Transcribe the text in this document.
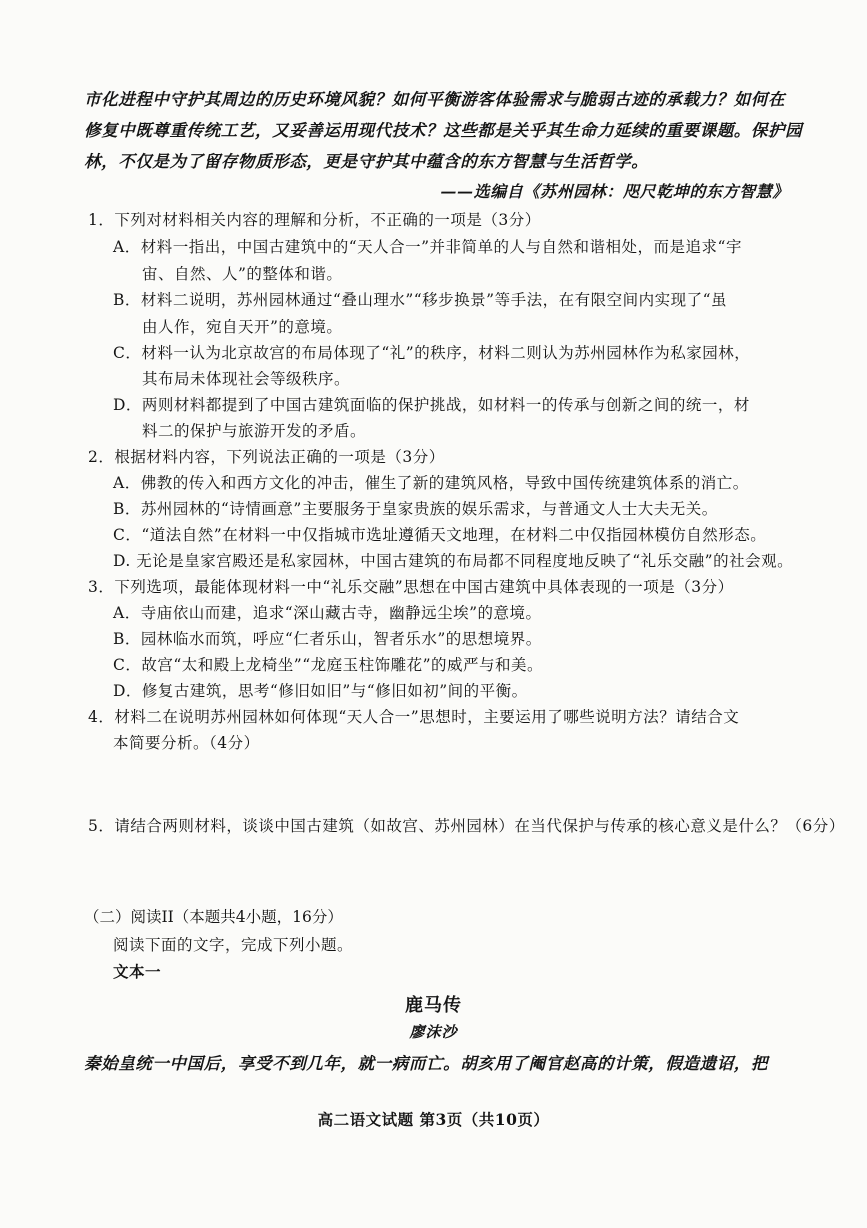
市化进程中守护其周边的历史环境风貌？如何平衡游客体验需求与脆弱古迹的承载力？如何在
修复中既尊重传统工艺，又妥善运用现代技术？这些都是关乎其生命力延续的重要课题。保护园
林，不仅是为了留存物质形态，更是守护其中蕴含的东方智慧与生活哲学。
——选编自《苏州园林：咫尺乾坤的东方智慧》
1．下列对材料相关内容的理解和分析，不正确的一项是（3分）
A．材料一指出，中国古建筑中的“天人合一”并非简单的人与自然和谐相处，而是追求“宇
宙、自然、人”的整体和谐。
B．材料二说明，苏州园林通过“叠山理水”“移步换景”等手法，在有限空间内实现了“虽
由人作，宛自天开”的意境。
C．材料一认为北京故宫的布局体现了“礼”的秩序，材料二则认为苏州园林作为私家园林，
其布局未体现社会等级秩序。
D．两则材料都提到了中国古建筑面临的保护挑战，如材料一的传承与创新之间的统一，材
料二的保护与旅游开发的矛盾。
2．根据材料内容，下列说法正确的一项是（3分）
A．佛教的传入和西方文化的冲击，催生了新的建筑风格，导致中国传统建筑体系的消亡。
B．苏州园林的“诗情画意”主要服务于皇家贵族的娱乐需求，与普通文人士大夫无关。
C．“道法自然”在材料一中仅指城市选址遵循天文地理，在材料二中仅指园林模仿自然形态。
D. 无论是皇家宫殿还是私家园林，中国古建筑的布局都不同程度地反映了“礼乐交融”的社会观。
3．下列选项，最能体现材料一中“礼乐交融”思想在中国古建筑中具体表现的一项是（3分）
A．寺庙依山而建，追求“深山藏古寺，幽静远尘埃”的意境。
B．园林临水而筑，呼应“仁者乐山，智者乐水”的思想境界。
C．故宫“太和殿上龙椅坐”“龙庭玉柱饰雕花”的威严与和美。
D．修复古建筑，思考“修旧如旧”与“修旧如初”间的平衡。
4．材料二在说明苏州园林如何体现“天人合一”思想时，主要运用了哪些说明方法？请结合文
本简要分析。（4分）
5．请结合两则材料，谈谈中国古建筑（如故宫、苏州园林）在当代保护与传承的核心意义是什么？（6分）
（二）阅读II（本题共4小题，16分）
阅读下面的文字，完成下列小题。
文本一
鹿马传
廖沫沙
秦始皇统一中国后，享受不到几年，就一病而亡。胡亥用了阉官赵高的计策，假造遗诏，把
高二语文试题 第3页（共10页）
